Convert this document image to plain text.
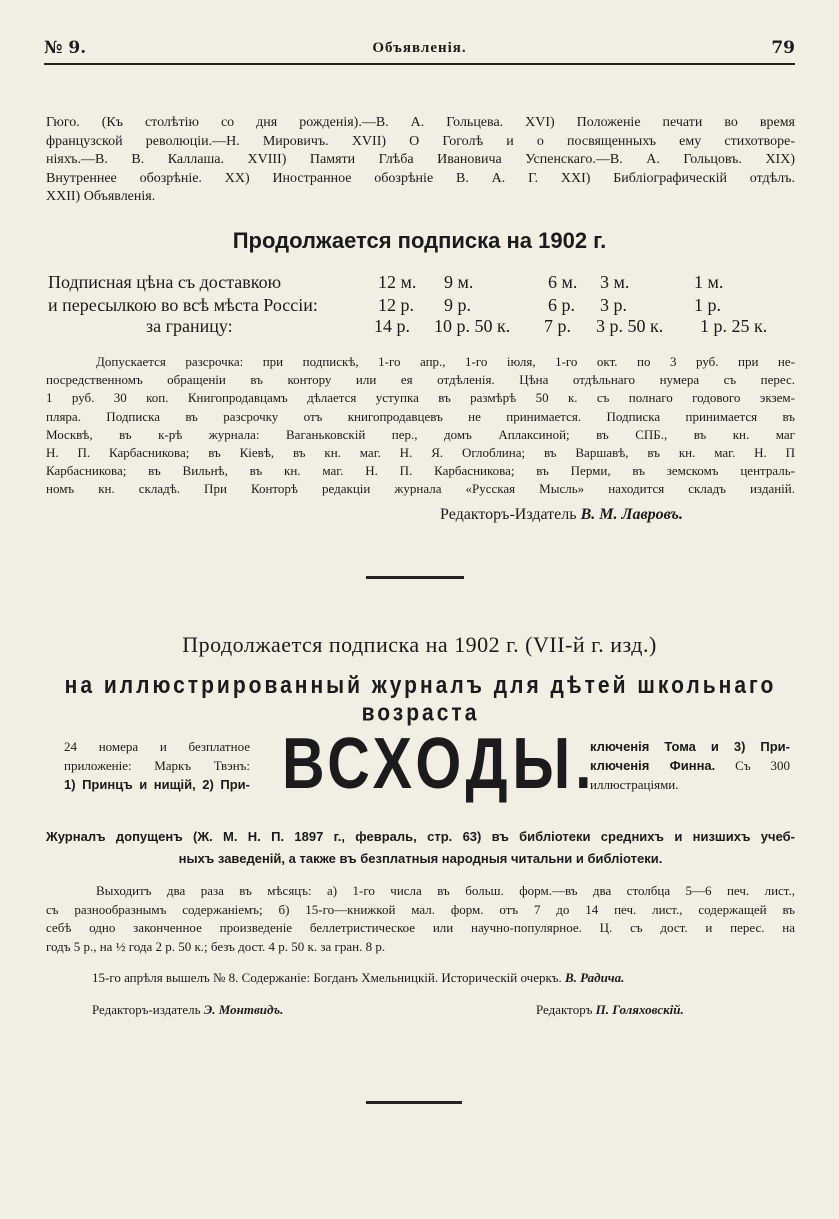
№ 9.	Объявленія.	79
Гюго. (Къ столѣтію со дня рожденія).—В. А. Гольцева. XVI) Положеніе печати во время
французской революціи.—Н. Мировичъ. XVII) О Гоголѣ и о посвященныхъ ему стихотворе-
ніяхъ.—В. В. Каллаша. XVIII) Памяти Глѣба Ивановича Успенскаго.—В. А. Гольцовъ. XIX)
Внутреннее обозрѣніе. XX) Иностранное обозрѣніе В. А. Г. XXI) Библіографическій отдѣлъ.
XXII) Объявленія.
Продолжается подписка на 1902 г.
Подписная цѣна съ доставкою	12 м. 9 м.	6 м. 3 м.	1 м.
и пересылкою во всѣ мѣста Россіи:	12 р. 9 р.	6 р. 3 р.	1 р.
за границу:	14 р. 10 р. 50 к. 7 р. 3 р. 50 к. 1 р. 25 к.
Допускается разсрочка: при подпискѣ, 1-го апр., 1-го іюля, 1-го окт. по 3 руб. при не-
посредственномъ обращеніи въ контору или ея отдѣленія. Цѣна отдѣльнаго нумера съ перес.
1 руб. 30 коп. Книгопродавцамъ дѣлается уступка въ размѣрѣ 50 к. съ полнаго годового экзем-
пляра. Подписка въ разсрочку отъ книгопродавцевъ не принимается. Подписка принимается въ
Москвѣ, въ к-рѣ журнала: Ваганьковскій пер., домъ Аплаксиной; въ СПБ., въ кн. маг
Н. П. Карбасникова; въ Кіевѣ, въ кн. маг. Н. Я. Оглоблина; въ Варшавѣ, въ кн. маг. Н. П
Карбасникова; въ Вильнѣ, въ кн. маг. Н. П. Карбасникова; въ Перми, въ земскомъ централь-
номъ кн. складѣ. При Конторѣ редакціи журнала «Русская Мысль» находится складъ изданій.
Редакторъ-Издатель В. М. Лавровъ.
Продолжается подписка на 1902 г. (VII-й г. изд.)
на иллюстрированный журналъ для дѣтей школьнаго возраста
24 номера и безплатное
приложеніе: Маркъ Твэнъ:
1) Принцъ и нищій, 2) При- ВСХОДЫ.
ключенія Тома и 3) При-
ключенія Финна. Съ 300
иллюстраціями.
Журналъ допущенъ (Ж. М. Н. П. 1897 г., февраль, стр. 63) въ библіотеки среднихъ и низшихъ учеб-
ныхъ заведеній, а также въ безплатныя народныя читальни и библіотеки.
Выходитъ два раза въ мѣсяцъ: а) 1-го числа въ больш. форм.—въ два столбца 5—6 печ. лист.,
съ разнообразнымъ содержаніемъ; б) 15-го—книжкой мал. форм. отъ 7 до 14 печ. лист., содержащей въ
себѣ одно законченное произведеніе беллетристическое или научно-популярное. Ц. съ дост. и перес. на
годъ 5 р., на ½ года 2 р. 50 к.; безъ дост. 4 р. 50 к. за гран. 8 р.
15-го апрѣля вышелъ № 8. Содержаніе: Богданъ Хмельницкій. Историческій очеркъ. В. Радича.
Редакторъ-издатель Э. Монтвидъ.	Редакторъ П. Голяховскій.
